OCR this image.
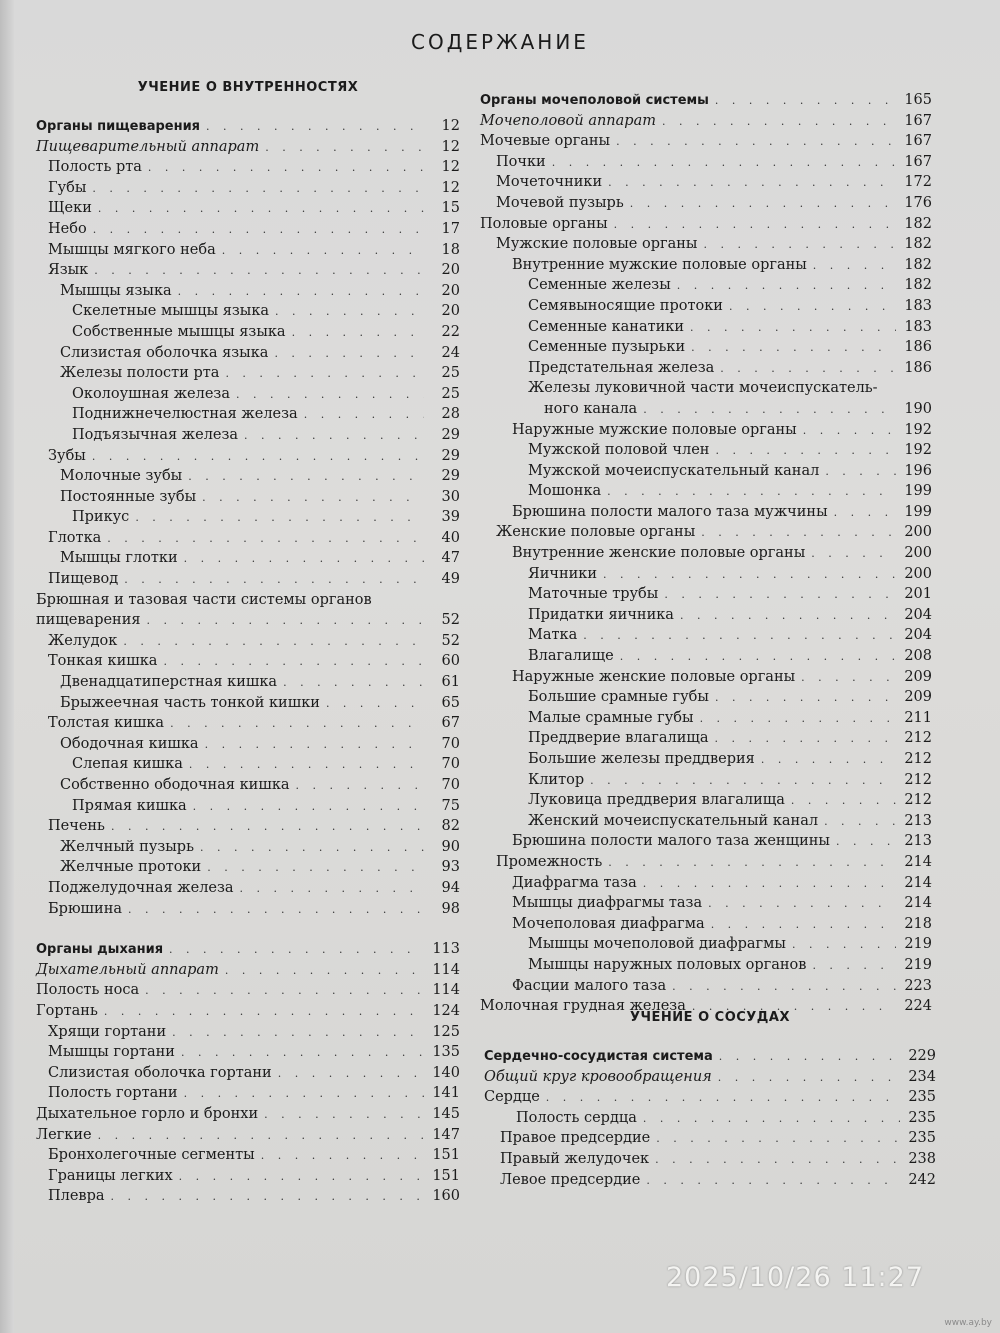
СОДЕРЖАНИЕ
УЧЕНИЕ О ВНУТРЕННОСТЯХ
Органы пищеварения . . .	12
Пищеварительный аппарат . . .	12
Полость рта . . .	12
Губы . . .	12
Щеки . . .	15
Небо . . .	17
Мышцы мягкого неба . . .	18
Язык . . .	20
Мышцы языка . . .	20
Скелетные мышцы языка . . .	20
Собственные мышцы языка . . .	22
Слизистая оболочка языка . . .	24
Железы полости рта . . .	25
Околоушная железа . . .	25
Поднижнечелюстная железа . . .	28
Подъязычная железа . . .	29
Зубы . . .	29
Молочные зубы . . .	29
Постоянные зубы . . .	30
Прикус . . .	39
Глотка . . .	40
Мышцы глотки . . .	47
Пищевод . . .	49
Брюшная и тазовая части системы органов
пищеварения . . .	52
Желудок . . .	52
Тонкая кишка . . .	60
Двенадцатиперстная кишка . . .	61
Брыжеечная часть тонкой кишки . . .	65
Толстая кишка . . .	67
Ободочная кишка . . .	70
Слепая кишка . . .	70
Собственно ободочная кишка . . .	70
Прямая кишка . . .	75
Печень . . .	82
Желчный пузырь . . .	90
Желчные протоки . . .	93
Поджелудочная железа . . .	94
Брюшина . . .	98
Органы дыхания . . .	113
Дыхательный аппарат . . .	114
Полость носа . . .	114
Гортань . . .	124
Хрящи гортани . . .	125
Мышцы гортани . . .	135
Слизистая оболочка гортани . . .	140
Полость гортани . . .	141
Дыхательное горло и бронхи . . .	145
Легкие . . .	147
Бронхолегочные сегменты . . .	151
Границы легких . . .	151
Плевра . . .	160
Органы мочеполовой системы . . .	165
Мочеполовой аппарат . . .	167
Мочевые органы . . .	167
Почки . . .	167
Мочеточники . . .	172
Мочевой пузырь . . .	176
Половые органы . . .	182
Мужские половые органы . . .	182
Внутренние мужские половые органы . . .	182
Семенные железы . . .	182
Семявыносящие протоки . . .	183
Семенные канатики . . .	183
Семенные пузырьки . . .	186
Предстательная железа . . .	186
Железы луковичной части мочеиспускатель-
ного канала . . .	190
Наружные мужские половые органы . . .	192
Мужской половой член . . .	192
Мужской мочеиспускательный канал . . .	196
Мошонка . . .	199
Брюшина полости малого таза мужчины . . .	199
Женские половые органы . . .	200
Внутренние женские половые органы . . .	200
Яичники . . .	200
Маточные трубы . . .	201
Придатки яичника . . .	204
Матка . . .	204
Влагалище . . .	208
Наружные женские половые органы . . .	209
Большие срамные губы . . .	209
Малые срамные губы . . .	211
Преддверие влагалища . . .	212
Большие железы преддверия . . .	212
Клитор . . .	212
Луковица преддверия влагалища . . .	212
Женский мочеиспускательный канал . . .	213
Брюшина полости малого таза женщины . . .	213
Промежность . . .	214
Диафрагма таза . . .	214
Мышцы диафрагмы таза . . .	214
Мочеполовая диафрагма . . .	218
Мышцы мочеполовой диафрагмы . . .	219
Мышцы наружных половых органов . . .	219
Фасции малого таза . . .	223
Молочная грудная железа . . .	224
УЧЕНИЕ О СОСУДАХ
Сердечно-сосудистая система . . .	229
Общий круг кровообращения . . .	234
Сердце . . .	235
Полость сердца . . .	235
Правое предсердие . . .	235
Правый желудочек . . .	238
Левое предсердие . . .	242
2025/10/26 11:27
www.ay.by
